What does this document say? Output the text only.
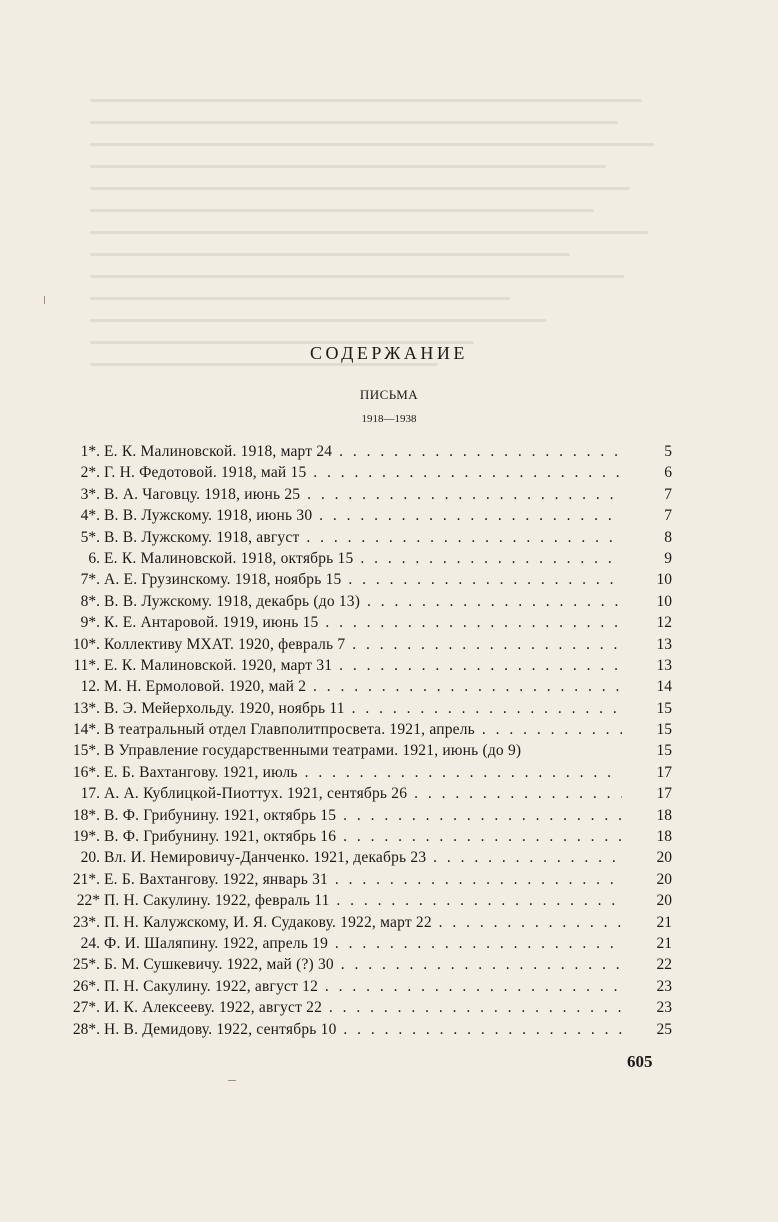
СОДЕРЖАНИЕ
ПИСЬМА
1918—1938
1*. Е. К. Малиновской. 1918, март 24 . . .	5
2*. Г. Н. Федотовой. 1918, май 15 . . .	6
3*. В. А. Чаговцу. 1918, июнь 25 . . .	7
4*. В. В. Лужскому. 1918, июнь 30 . . .	7
5*. В. В. Лужскому. 1918, август . . .	8
6. Е. К. Малиновской. 1918, октябрь 15 . . .	9
7*. А. Е. Грузинскому. 1918, ноябрь 15 . . .	10
8*. В. В. Лужскому. 1918, декабрь (до 13) . . .	10
9*. К. Е. Антаровой. 1919, июнь 15 . . .	12
10*. Коллективу МХАТ. 1920, февраль 7 . . .	13
11*. Е. К. Малиновской. 1920, март 31 . . .	13
12. М. Н. Ермоловой. 1920, май 2 . . .	14
13*. В. Э. Мейерхольду. 1920, ноябрь 11 . . .	15
14*. В театральный отдел Главполитпросвета. 1921, апрель . . .	15
15*. В Управление государственными театрами. 1921, июнь (до 9)	15
16*. Е. Б. Вахтангову. 1921, июль . . .	17
17. А. А. Кублицкой-Пиоттух. 1921, сентябрь 26 . . .	17
18*. В. Ф. Грибунину. 1921, октябрь 15 . . .	18
19*. В. Ф. Грибунину. 1921, октябрь 16 . . .	18
20. Вл. И. Немировичу-Данченко. 1921, декабрь 23 . . .	20
21*. Е. Б. Вахтангову. 1922, январь 31 . . .	20
22* П. Н. Сакулину. 1922, февраль 11 . . .	20
23*. П. Н. Калужскому, И. Я. Судакову. 1922, март 22 . . .	21
24. Ф. И. Шаляпину. 1922, апрель 19 . . .	21
25*. Б. М. Сушкевичу. 1922, май (?) 30 . . .	22
26*. П. Н. Сакулину. 1922, август 12 . . .	23
27*. И. К. Алексееву. 1922, август 22 . . .	23
28*. Н. В. Демидову. 1922, сентябрь 10 . . .	25
605
